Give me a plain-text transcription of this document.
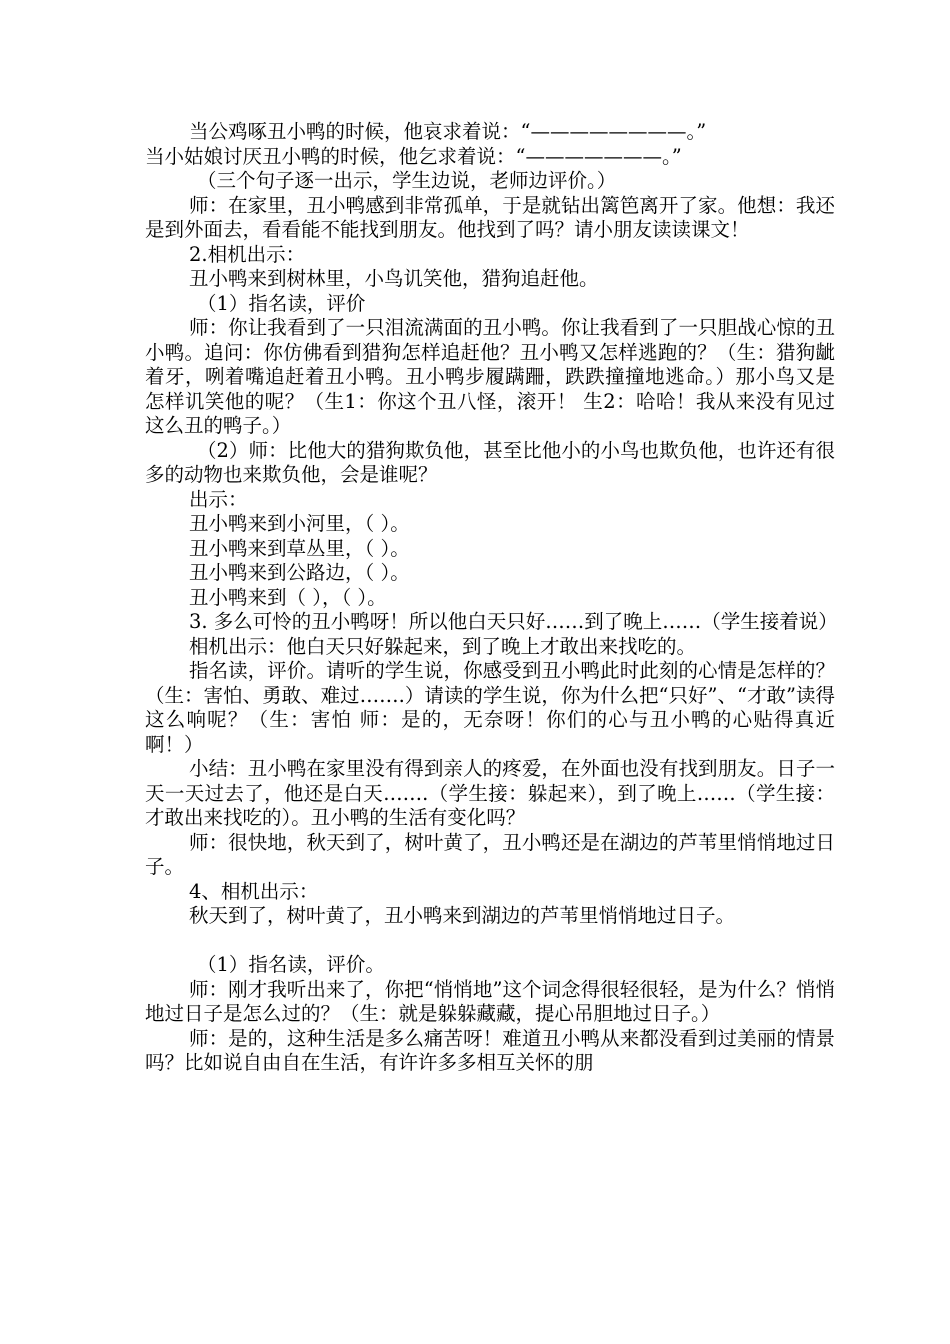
当公鸡啄丑小鸭的时候，他哀求着说：“————————。”

当小姑娘讨厌丑小鸭的时候，他乞求着说：“———————。”

（三个句子逐一出示，学生边说，老师边评价。）

师：在家里，丑小鸭感到非常孤单，于是就钻出篱笆离开了家。他想：我还是到外面去，看看能不能找到朋友。他找到了吗？请小朋友读读课文！

2.相机出示：

丑小鸭来到树林里，小鸟讥笑他，猎狗追赶他。

（1）指名读，评价

师：你让我看到了一只泪流满面的丑小鸭。你让我看到了一只胆战心惊的丑小鸭。追问：你仿佛看到猎狗怎样追赶他？丑小鸭又怎样逃跑的？（生：猎狗龇着牙，咧着嘴追赶着丑小鸭。丑小鸭步履蹒跚，跌跌撞撞地逃命。）那小鸟又是怎样讥笑他的呢？（生1：你这个丑八怪，滚开！ 生2：哈哈！我从来没有见过这么丑的鸭子。）

（2）师：比他大的猎狗欺负他，甚至比他小的小鸟也欺负他，也许还有很多的动物也来欺负他，会是谁呢？

出示：

丑小鸭来到小河里，（ ）。

丑小鸭来到草丛里，（ ）。

丑小鸭来到公路边，（ ）。

丑小鸭来到（ ），（ ）。

3. 多么可怜的丑小鸭呀！所以他白天只好……到了晚上……（学生接着说）

相机出示：他白天只好躲起来，到了晚上才敢出来找吃的。

指名读，评价。请听的学生说，你感受到丑小鸭此时此刻的心情是怎样的？（生：害怕、勇敢、难过…….）请读的学生说，你为什么把“只好”、“才敢”读得这么响呢？（生：害怕 师：是的，无奈呀！你们的心与丑小鸭的心贴得真近啊！）

小结：丑小鸭在家里没有得到亲人的疼爱，在外面也没有找到朋友。日子一天一天过去了，他还是白天…….（学生接：躲起来），到了晚上……（学生接：才敢出来找吃的）。丑小鸭的生活有变化吗？

师：很快地，秋天到了，树叶黄了，丑小鸭还是在湖边的芦苇里悄悄地过日子。

4、相机出示：

秋天到了，树叶黄了，丑小鸭来到湖边的芦苇里悄悄地过日子。

（1）指名读，评价。

师：刚才我听出来了，你把“悄悄地”这个词念得很轻很轻，是为什么？悄悄地过日子是怎么过的？（生：就是躲躲藏藏，提心吊胆地过日子。）

师：是的，这种生活是多么痛苦呀！难道丑小鸭从来都没看到过美丽的情景吗？比如说自由自在生活，有许许多多相互关怀的朋
